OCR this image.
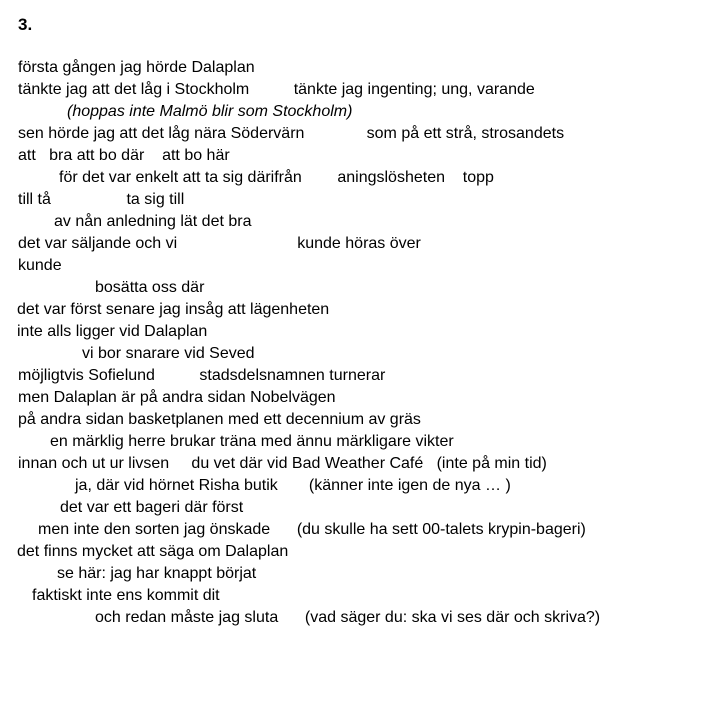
3.
första gången jag hörde Dalaplan
tänkte jag att det låg i Stockholm          tänkte jag ingenting; ung, varande
(hoppas inte Malmö blir som Stockholm)
sen hörde jag att det låg nära Södervärn              som på ett strå, strosandets
att   bra att bo där    att bo här
för det var enkelt att ta sig därifrån        aningslösheten    topp
till tå                 ta sig till
av nån anledning lät det bra
det var säljande och vi                           kunde höras över
kunde
bosätta oss där
det var först senare jag insåg att lägenheten
inte alls ligger vid Dalaplan
vi bor snarare vid Seved
möjligtvis Sofielund          stadsdelsnamnen turnerar
men Dalaplan är på andra sidan Nobelvägen
på andra sidan basketplanen med ett decennium av gräs
en märklig herre brukar träna med ännu märkligare vikter
innan och ut ur livsen     du vet där vid Bad Weather Café   (inte på min tid)
ja, där vid hörnet Risha butik       (känner inte igen de nya … )
det var ett bageri där först
men inte den sorten jag önskade      (du skulle ha sett 00-talets krypin-bageri)
det finns mycket att säga om Dalaplan
se här: jag har knappt börjat
faktiskt inte ens kommit dit
och redan måste jag sluta      (vad säger du: ska vi ses där och skriva?)
